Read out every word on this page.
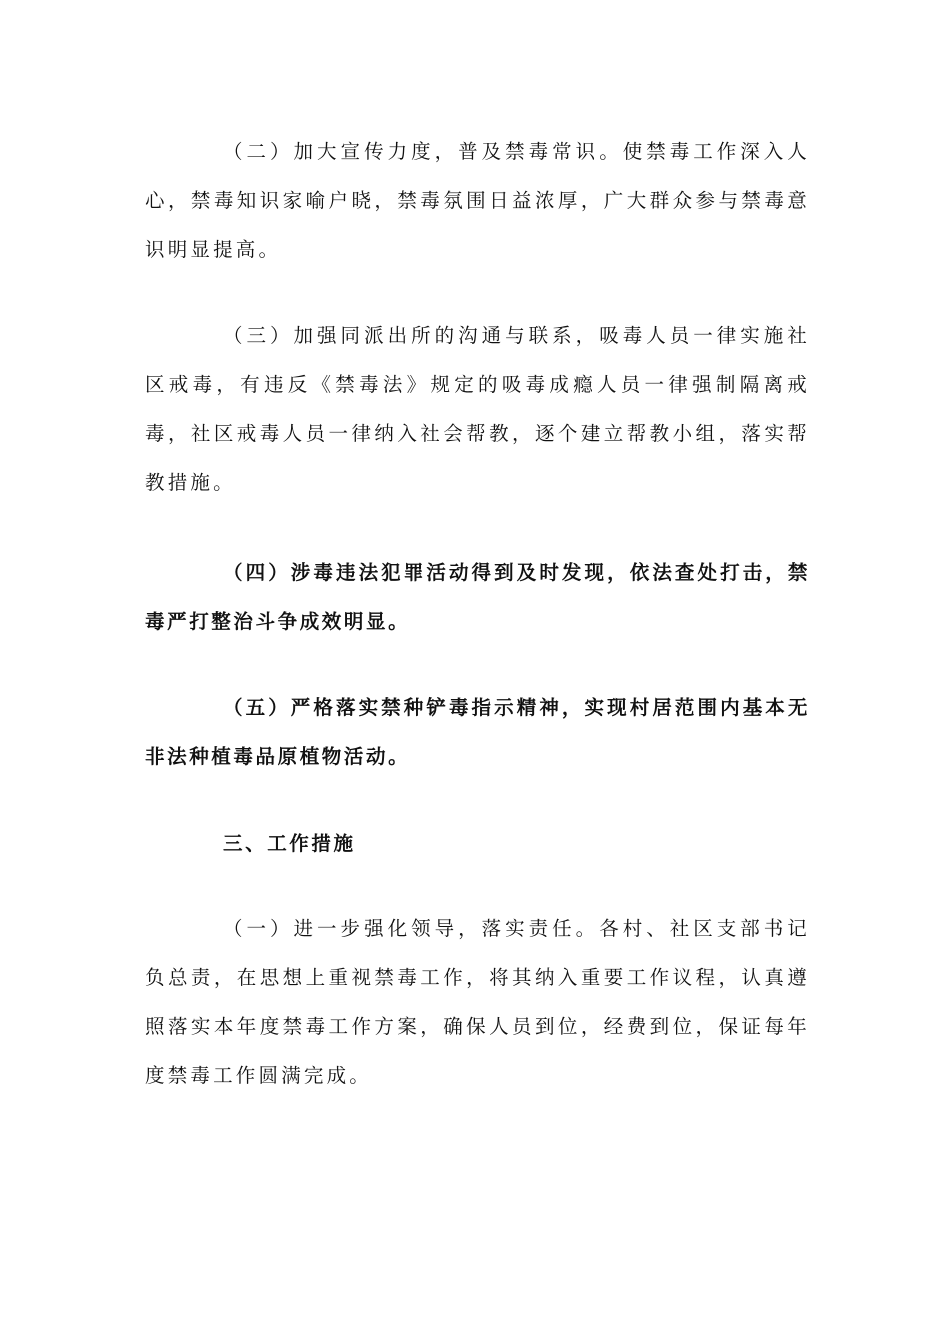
（二）加大宣传力度，普及禁毒常识。使禁毒工作深入人心，禁毒知识家喻户晓，禁毒氛围日益浓厚，广大群众参与禁毒意识明显提高。

（三）加强同派出所的沟通与联系，吸毒人员一律实施社区戒毒，有违反《禁毒法》规定的吸毒成瘾人员一律强制隔离戒毒，社区戒毒人员一律纳入社会帮教，逐个建立帮教小组，落实帮教措施。

（四）涉毒违法犯罪活动得到及时发现，依法查处打击，禁毒严打整治斗争成效明显。

（五）严格落实禁种铲毒指示精神，实现村居范围内基本无非法种植毒品原植物活动。

三、工作措施

（一）进一步强化领导，落实责任。各村、社区支部书记负总责，在思想上重视禁毒工作，将其纳入重要工作议程，认真遵照落实本年度禁毒工作方案，确保人员到位，经费到位，保证每年度禁毒工作圆满完成。
